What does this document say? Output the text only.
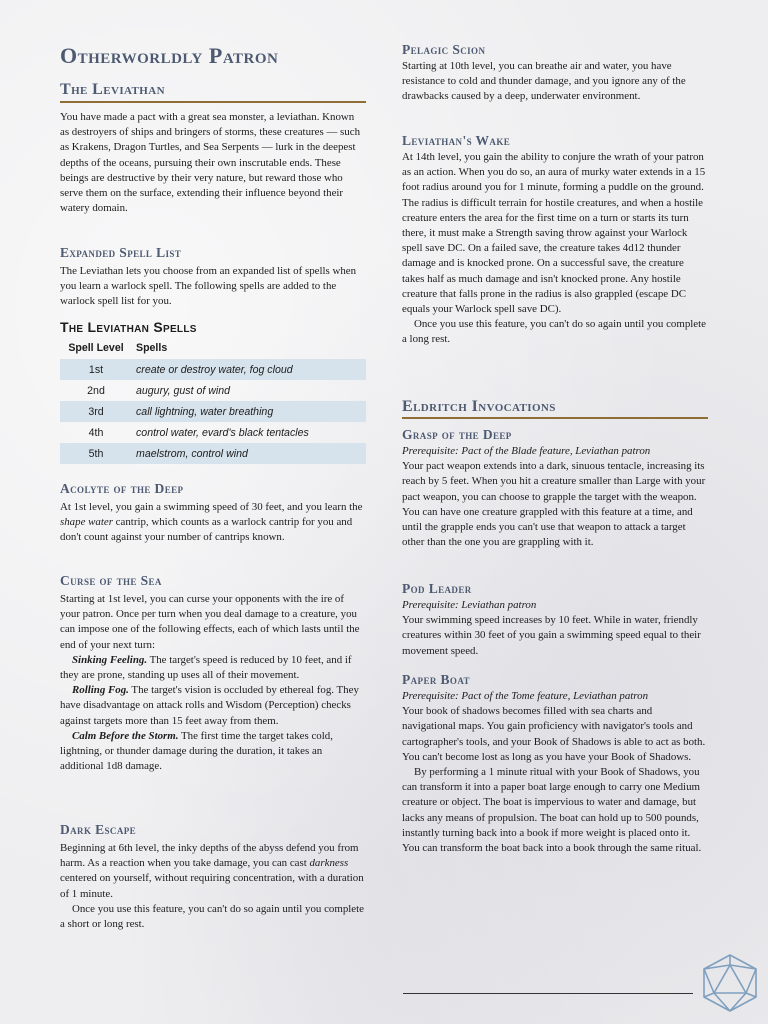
Otherworldly Patron
The Leviathan

You have made a pact with a great sea monster, a leviathan. Known as destroyers of ships and bringers of storms, these creatures — such as Krakens, Dragon Turtles, and Sea Serpents — lurk in the deepest depths of the oceans, pursuing their own inscrutable ends. These beings are destructive by their very nature, but reward those who serve them on the surface, extending their influence beyond their watery domain.

Expanded Spell List

The Leviathan lets you choose from an expanded list of spells when you learn a warlock spell. The following spells are added to the warlock spell list for you.

The Leviathan Spells
Spell Level	Spells
1st	create or destroy water, fog cloud
2nd	augury, gust of wind
3rd	call lightning, water breathing
4th	control water, evard's black tentacles
5th	maelstrom, control wind
Acolyte of the Deep

At 1st level, you gain a swimming speed of 30 feet, and you learn the shape water cantrip, which counts as a warlock cantrip for you and don't count against your number of cantrips known.

Curse of the Sea

Starting at 1st level, you can curse your opponents with the ire of your patron. Once per turn when you deal damage to a creature, you can impose one of the following effects, each of which lasts until the end of your next turn:

Sinking Feeling. The target's speed is reduced by 10 feet, and if they are prone, standing up uses all of their movement.

Rolling Fog. The target's vision is occluded by ethereal fog. They have disadvantage on attack rolls and Wisdom (Perception) checks against targets more than 15 feet away from them.

Calm Before the Storm. The first time the target takes cold, lightning, or thunder damage during the duration, it takes an additional 1d8 damage.

Dark Escape

Beginning at 6th level, the inky depths of the abyss defend you from harm. As a reaction when you take damage, you can cast darkness centered on yourself, without requiring concentration, with a duration of 1 minute.

Once you use this feature, you can't do so again until you complete a short or long rest.

Pelagic Scion

Starting at 10th level, you can breathe air and water, you have resistance to cold and thunder damage, and you ignore any of the drawbacks caused by a deep, underwater environment.

Leviathan's Wake

At 14th level, you gain the ability to conjure the wrath of your patron as an action. When you do so, an aura of murky water extends in a 15 foot radius around you for 1 minute, forming a puddle on the ground. The radius is difficult terrain for hostile creatures, and when a hostile creature enters the area for the first time on a turn or starts its turn there, it must make a Strength saving throw against your Warlock spell save DC. On a failed save, the creature takes 4d12 thunder damage and is knocked prone. On a successful save, the creature takes half as much damage and isn't knocked prone. Any hostile creature that falls prone in the radius is also grappled (escape DC equals your Warlock spell save DC).

Once you use this feature, you can't do so again until you complete a long rest.

Eldritch Invocations
Grasp of the Deep

Prerequisite: Pact of the Blade feature, Leviathan patron

Your pact weapon extends into a dark, sinuous tentacle, increasing its reach by 5 feet. When you hit a creature smaller than Large with your pact weapon, you can choose to grapple the target with the weapon. You can have one creature grappled with this feature at a time, and until the grapple ends you can't use that weapon to attack a target other than the one you are grappling with it.

Pod Leader

Prerequisite: Leviathan patron

Your swimming speed increases by 10 feet. While in water, friendly creatures within 30 feet of you gain a swimming speed equal to their movement speed.

Paper Boat

Prerequisite: Pact of the Tome feature, Leviathan patron

Your book of shadows becomes filled with sea charts and navigational maps. You gain proficiency with navigator's tools and cartographer's tools, and your Book of Shadows is able to act as both. You can't become lost as long as you have your Book of Shadows.

By performing a 1 minute ritual with your Book of Shadows, you can transform it into a paper boat large enough to carry one Medium creature or object. The boat is impervious to water and damage, but lacks any means of propulsion. The boat can hold up to 500 pounds, instantly turning back into a book if more weight is placed onto it. You can transform the boat back into a book through the same ritual.
